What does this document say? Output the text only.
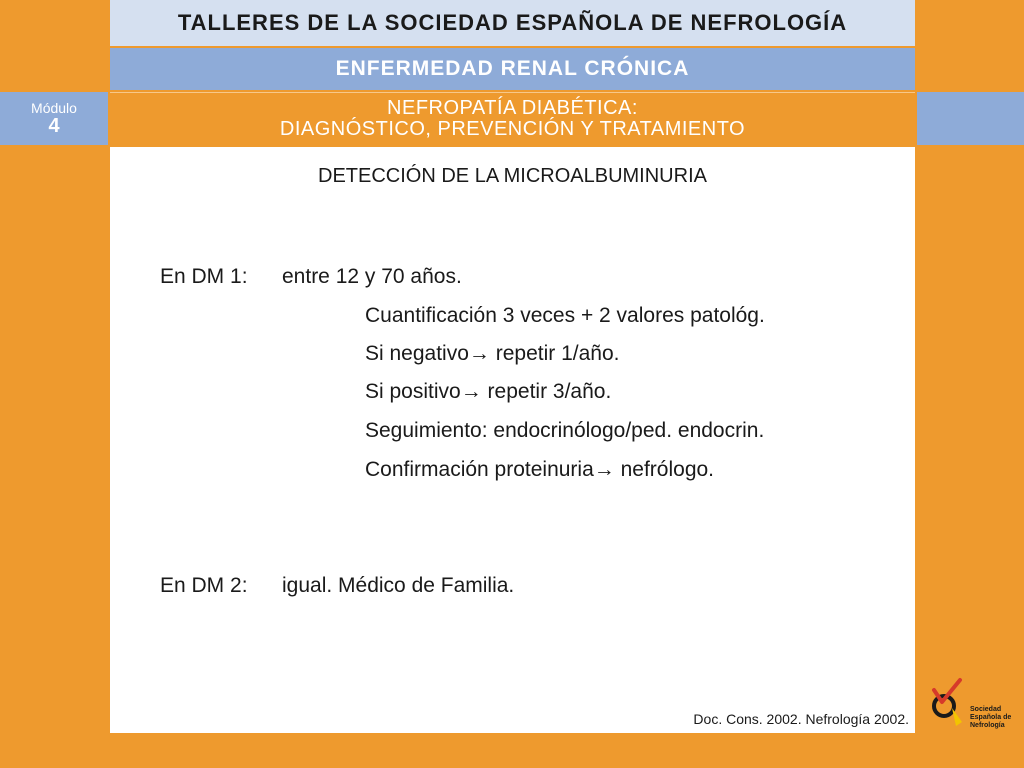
TALLERES DE LA SOCIEDAD ESPAÑOLA DE NEFROLOGÍA
ENFERMEDAD RENAL CRÓNICA
Módulo
4
NEFROPATÍA DIABÉTICA:
DIAGNÓSTICO, PREVENCIÓN Y TRATAMIENTO
DETECCIÓN DE LA MICROALBUMINURIA
En DM 1: entre 12 y 70 años.
Cuantificación 3 veces + 2 valores patológ.
Si negativo→ repetir 1/año.
Si positivo→ repetir 3/año.
Seguimiento: endocrinólogo/ped. endocrin.
Confirmación proteinuria→ nefrólogo.
En DM 2: igual. Médico de Familia.
Doc. Cons. 2002. Nefrología 2002.
Sociedad
Española de
Nefrología
